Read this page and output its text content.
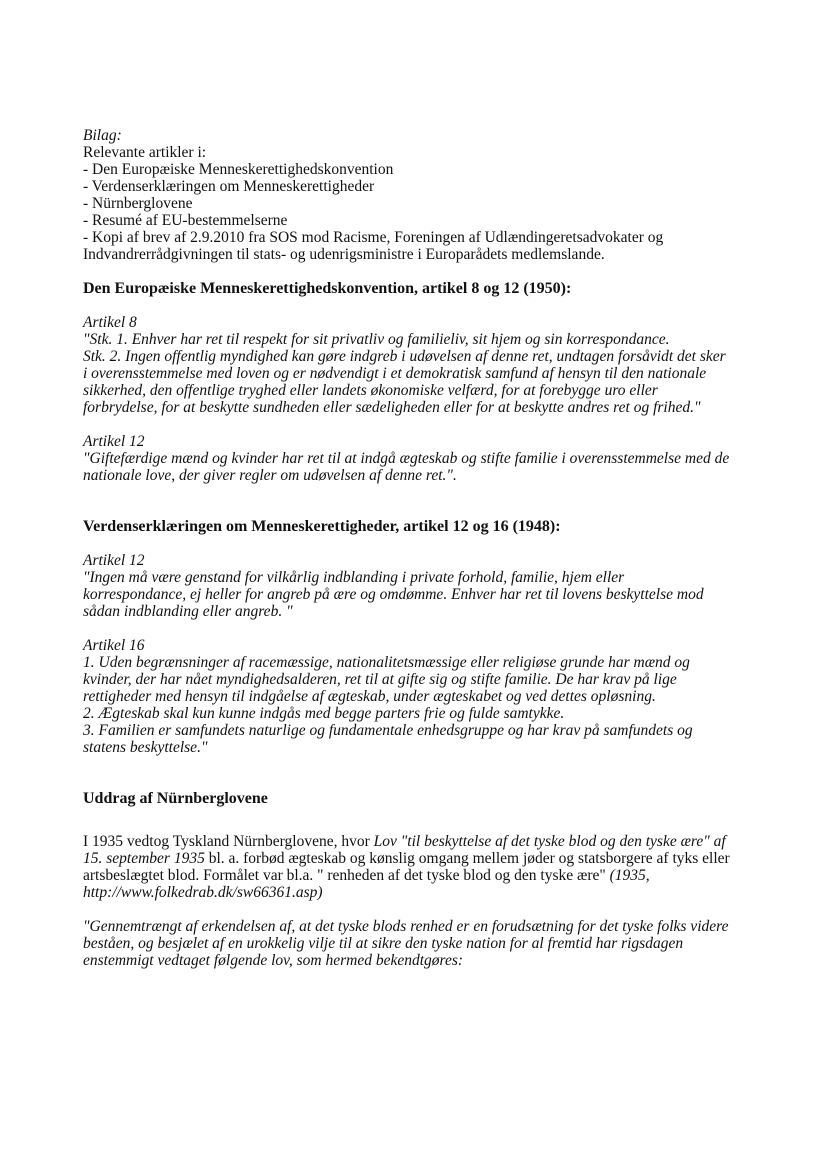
Bilag:
Relevante artikler i:
- Den Europæiske Menneskerettighedskonvention
- Verdenserklæringen om Menneskerettigheder
- Nürnberglovene
- Resumé af EU-bestemmelserne
- Kopi af brev af 2.9.2010 fra SOS mod Racisme, Foreningen af Udlændingeretsadvokater og
Indvandrerrådgivningen til stats- og udenrigsministre i Europarådets medlemslande.
Den Europæiske Menneskerettighedskonvention, artikel 8 og 12 (1950):
Artikel 8
"Stk. 1. Enhver har ret til respekt for sit privatliv og familieliv, sit hjem og sin korrespondance.
Stk. 2. Ingen offentlig myndighed kan gøre indgreb i udøvelsen af denne ret, undtagen forsåvidt det sker
i overensstemmelse med loven og er nødvendigt i et demokratisk samfund af hensyn til den nationale
sikkerhed, den offentlige tryghed eller landets økonomiske velfærd, for at forebygge uro eller
forbrydelse, for at beskytte sundheden eller sædeligheden eller for at beskytte andres ret og frihed."
Artikel 12
"Giftefærdige mænd og kvinder har ret til at indgå ægteskab og stifte familie i overensstemmelse med de
nationale love, der giver regler om udøvelsen af denne ret.".
Verdenserklæringen om Menneskerettigheder, artikel 12 og 16 (1948):
Artikel 12
"Ingen må være genstand for vilkårlig indblanding i private forhold, familie, hjem eller
korrespondance, ej heller for angreb på ære og omdømme. Enhver har ret til lovens beskyttelse mod
sådan indblanding eller angreb. "
Artikel 16
1. Uden begrænsninger af racemæssige, nationalitetsmæssige eller religiøse grunde har mænd og
kvinder, der har nået myndighedsalderen, ret til at gifte sig og stifte familie. De har krav på lige
rettigheder med hensyn til indgåelse af ægteskab, under ægteskabet og ved dettes opløsning.
2. Ægteskab skal kun kunne indgås med begge parters frie og fulde samtykke.
3. Familien er samfundets naturlige og fundamentale enhedsgruppe og har krav på samfundets og
statens beskyttelse."
Uddrag af Nürnberglovene
I 1935 vedtog Tyskland Nürnberglovene, hvor Lov "til beskyttelse af det tyske blod og den tyske ære" af
15. september 1935 bl. a. forbød ægteskab og kønslig omgang mellem jøder og statsborgere af tyks eller
artsbeslægtet blod. Formålet var bl.a. " renheden af det tyske blod og den tyske ære" (1935,
http://www.folkedrab.dk/sw66361.asp)
"Gennemtrængt af erkendelsen af, at det tyske blods renhed er en forudsætning for det tyske folks videre
beståen, og besjælet af en urokkelig vilje til at sikre den tyske nation for al fremtid har rigsdagen
enstemmigt vedtaget følgende lov, som hermed bekendtgøres:
